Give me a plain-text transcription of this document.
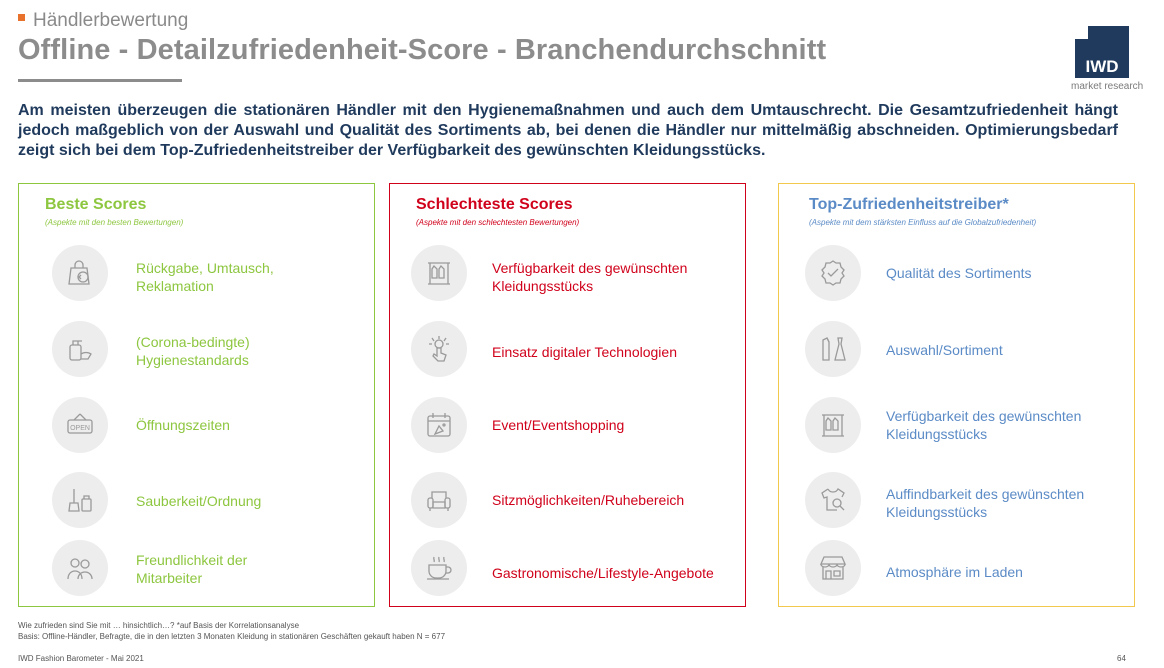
Händlerbewertung
Offline - Detailzufriedenheit-Score - Branchendurchschnitt
IWD
market research
Am meisten überzeugen die stationären Händler mit den Hygienemaßnahmen und auch dem Umtauschrecht. Die Gesamtzufriedenheit hängt jedoch maßgeblich von der Auswahl und Qualität des Sortiments ab, bei denen die Händler nur mittelmäßig abschneiden. Optimierungsbedarf zeigt sich bei dem Top-Zufriedenheitstreiber der Verfügbarkeit des gewünschten Kleidungsstücks.
Beste Scores
(Aspekte mit den besten Bewertungen)
Rückgabe, Umtausch, Reklamation
(Corona-bedingte) Hygienestandards
OPEN	Öffnungszeiten
Sauberkeit/Ordnung
Freundlichkeit der Mitarbeiter
Schlechteste Scores
(Aspekte mit den schlechtesten Bewertungen)
Verfügbarkeit des gewünschten Kleidungsstücks
Einsatz digitaler Technologien
Event/Eventshopping
Sitzmöglichkeiten/Ruhebereich
Gastronomische/Lifestyle-Angebote
Top-Zufriedenheitstreiber*
(Aspekte mit dem stärksten Einfluss auf die Globalzufriedenheit)
Qualität des Sortiments
Auswahl/Sortiment
Verfügbarkeit des gewünschten Kleidungsstücks
Auffindbarkeit des gewünschten Kleidungsstücks
Atmosphäre im Laden
Wie zufrieden sind Sie mit … hinsichtlich…? *auf Basis der Korrelationsanalyse
Basis: Offline-Händler, Befragte, die in den letzten 3 Monaten Kleidung in stationären Geschäften gekauft haben N = 677
IWD Fashion Barometer - Mai 2021	64
